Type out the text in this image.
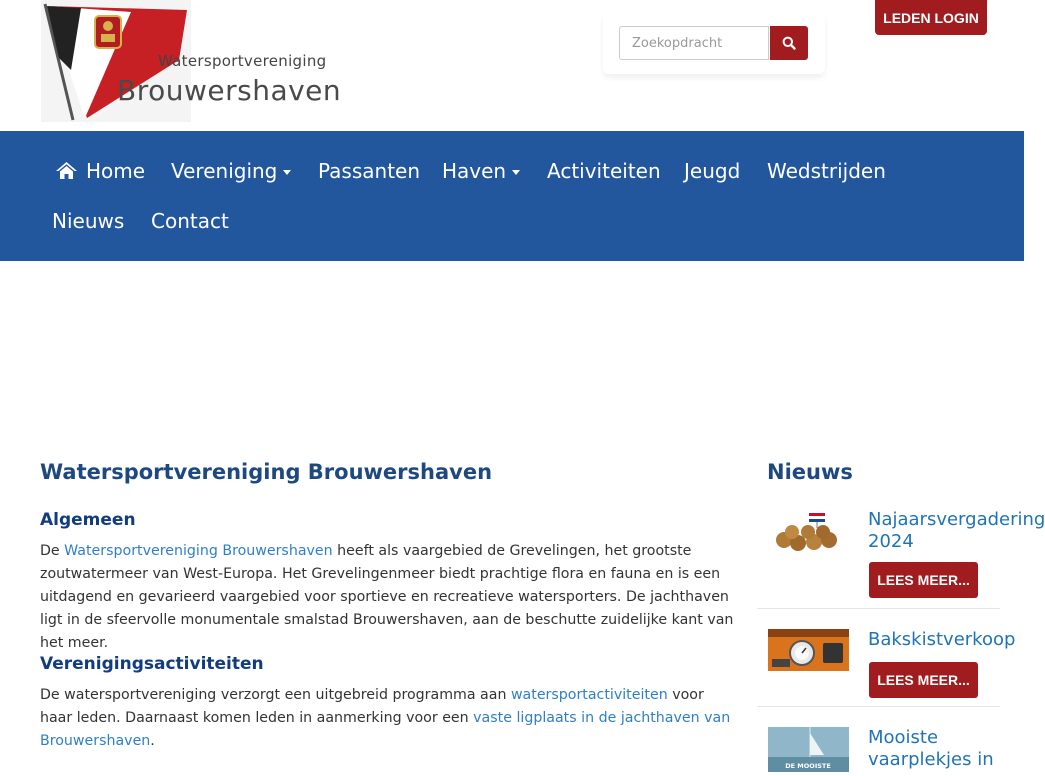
Watersportvereniging
Brouwershaven
Zoekopdracht
LEDEN LOGIN
Home Vereniging	Passanten Haven	Activiteiten Jeugd Wedstrijden
Nieuws Contact
Watersportvereniging Brouwershaven
Algemeen

De Watersportvereniging Brouwershaven heeft als vaargebied de Grevelingen, het grootste zoutwatermeer van West-Europa. Het Grevelingenmeer biedt prachtige flora en fauna en is een uitdagend en gevarieerd vaargebied voor sportieve en recreatieve watersporters. De jachthaven ligt in de sfeervolle monumentale smalstad Brouwershaven, aan de beschutte zuidelijke kant van het meer.

Verenigingsactiviteiten

De watersportvereniging verzorgt een uitgebreid programma aan watersportactiviteiten voor haar leden. Daarnaast komen leden in aanmerking voor een vaste ligplaats in de jachthaven van Brouwershaven.

Nieuws
Najaarsvergadering
2024
LEES MEER...
Bakskistverkoop
LEES MEER...
DE MOOISTE
Mooiste
vaarplekjes in
